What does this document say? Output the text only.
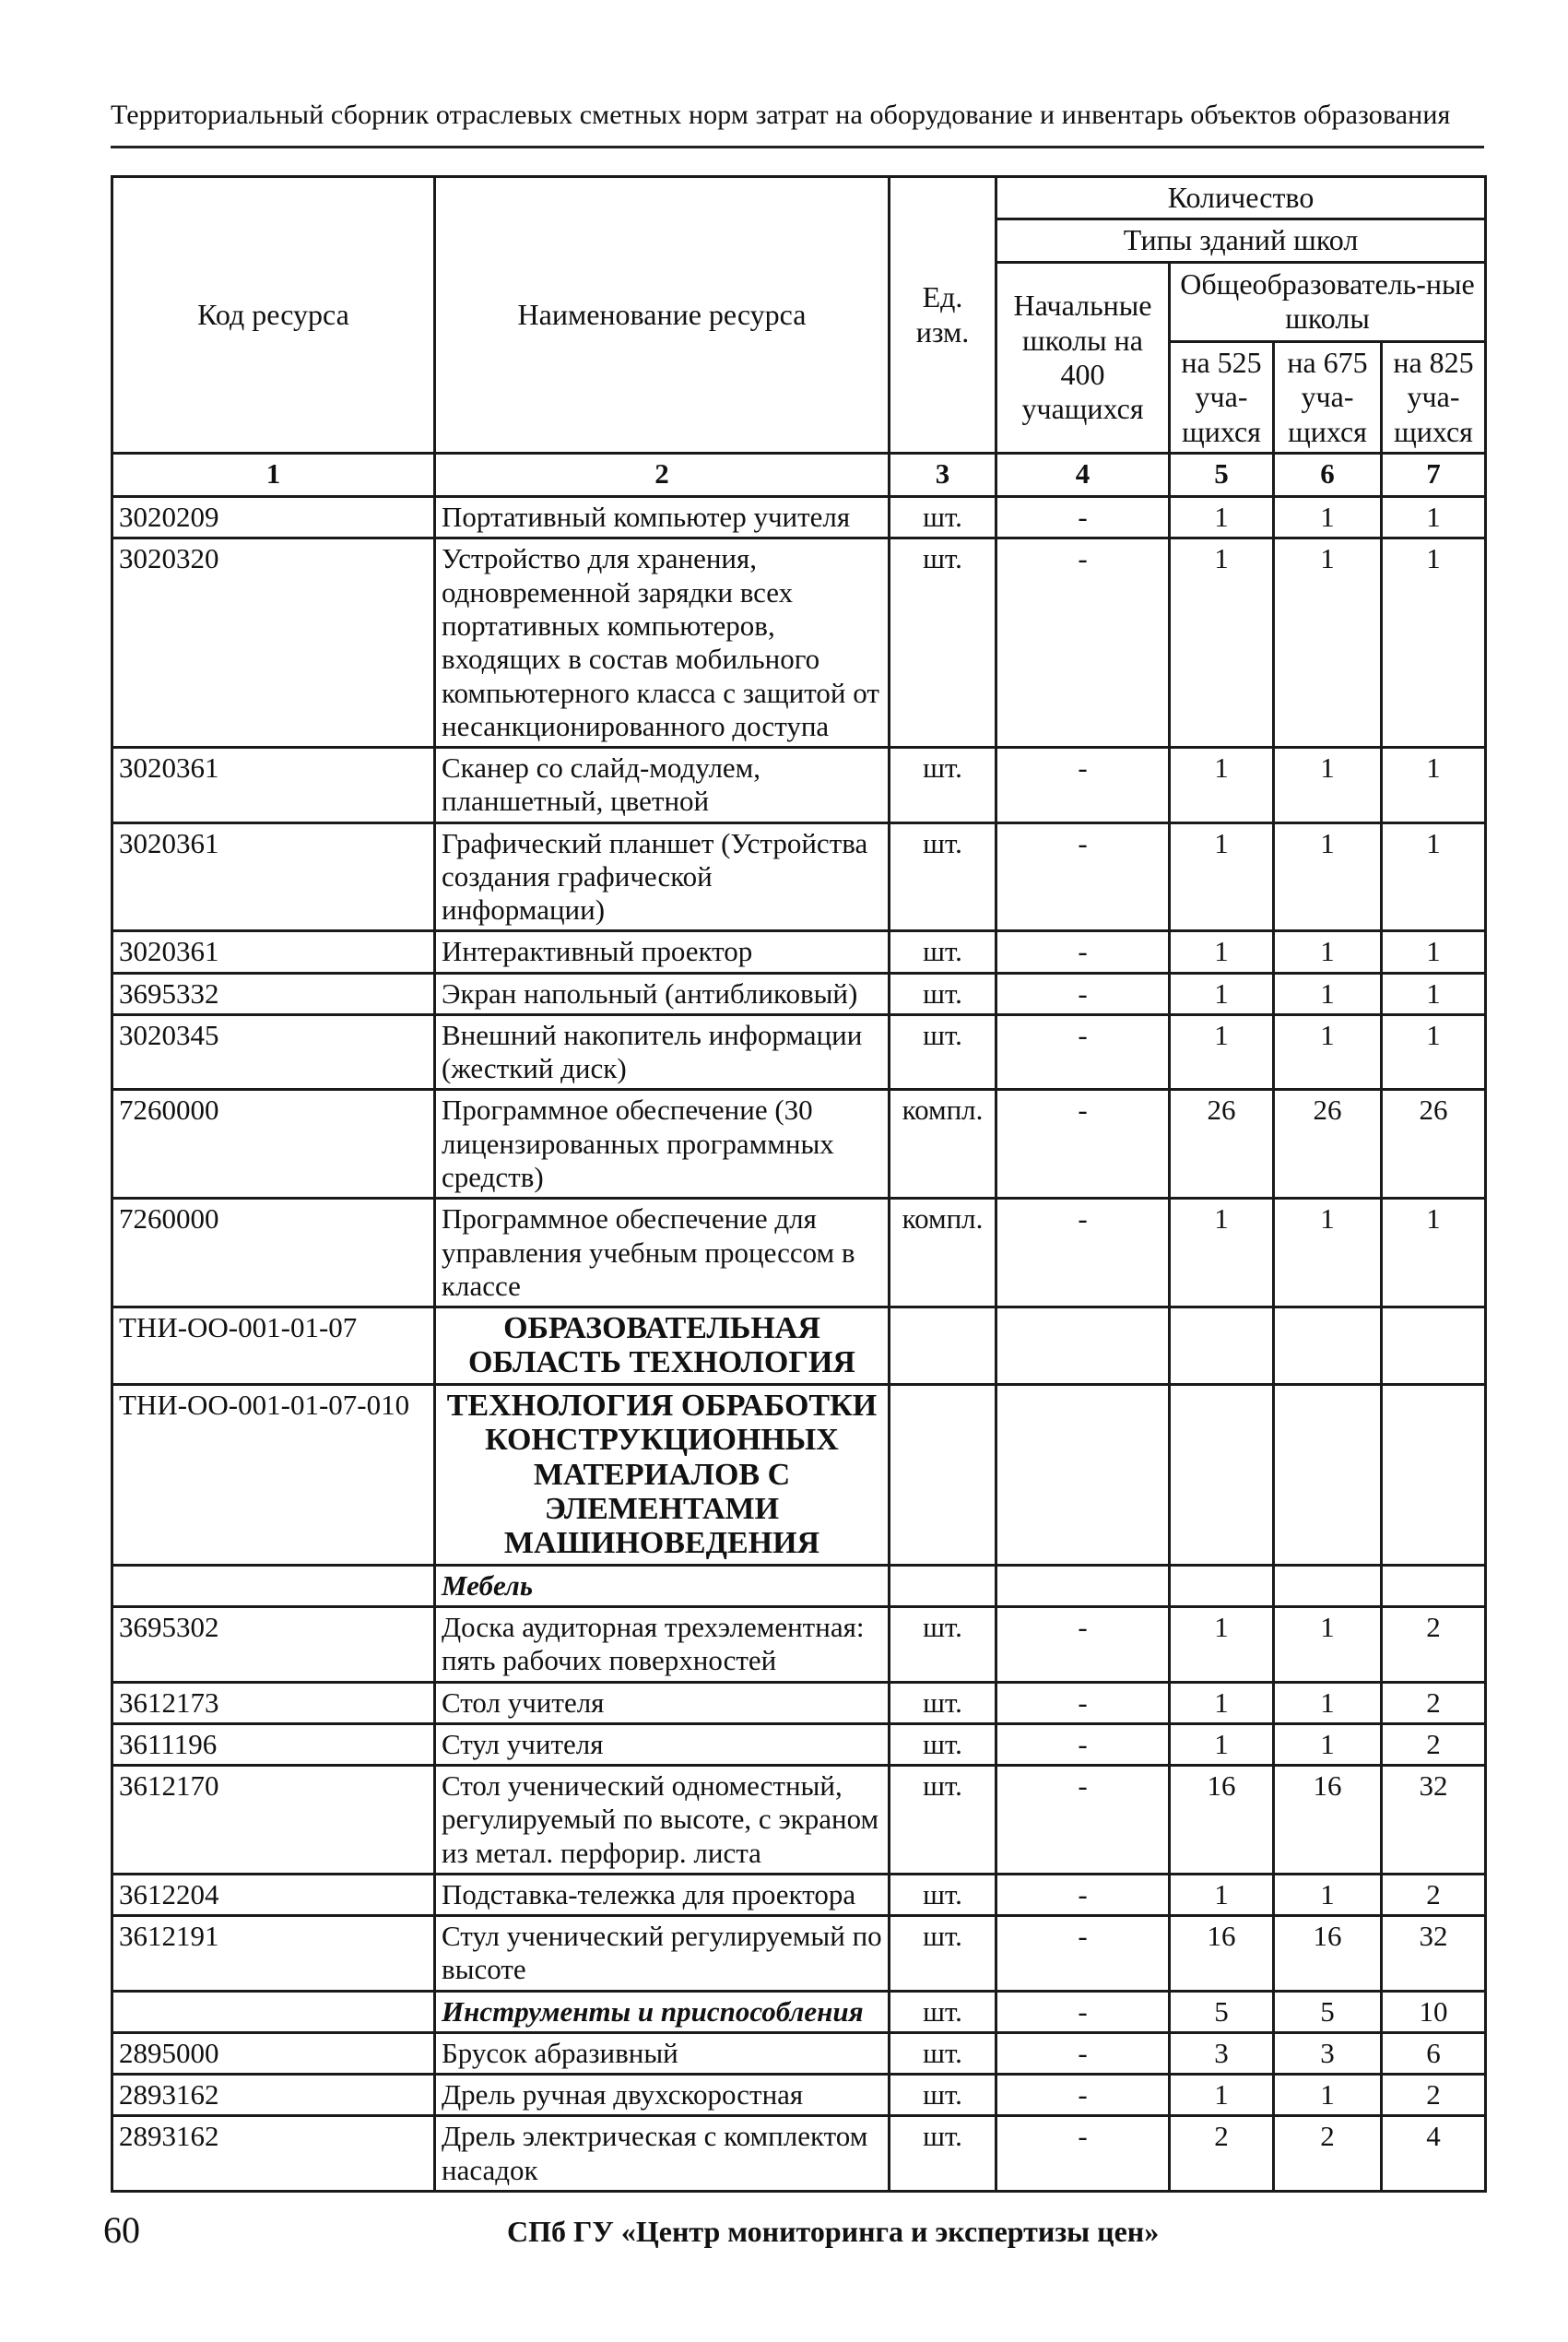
Территориальный сборник отраслевых сметных норм затрат на оборудование и инвентарь объектов образования
Код ресурса	Наименование ресурса	Ед. изм.	Количество			
			Типы зданий школ			
			Начальные школы на 400 учащихся	Общеобразователь-ные школы		
				на 525 уча-щихся	на 675 уча-щихся	на 825 уча-щихся
1	2	3	4	5	6	7
3020209	Портативный компьютер учителя	шт.	-	1	1	1
3020320	Устройство для хранения, одновременной зарядки всех портативных компьютеров, входящих в состав мобильного компьютерного класса с защитой от несанкционированного доступа	шт.	-	1	1	1
3020361	Сканер со слайд-модулем, планшетный, цветной	шт.	-	1	1	1
3020361	Графический планшет (Устройства создания графической информации)	шт.	-	1	1	1
3020361	Интерактивный проектор	шт.	-	1	1	1
3695332	Экран напольный (антибликовый)	шт.	-	1	1	1
3020345	Внешний накопитель информации (жесткий диск)	шт.	-	1	1	1
7260000	Программное обеспечение (30 лицензированных программных средств)	компл.	-	26	26	26
7260000	Программное обеспечение для управления учебным процессом в классе	компл.	-	1	1	1
ТНИ-ОО-001-01-07	ОБРАЗОВАТЕЛЬНАЯ ОБЛАСТЬ ТЕХНОЛОГИЯ					
ТНИ-ОО-001-01-07-010	ТЕХНОЛОГИЯ ОБРАБОТКИ КОНСТРУКЦИОННЫХ МАТЕРИАЛОВ С ЭЛЕМЕНТАМИ МАШИНОВЕДЕНИЯ					
	Мебель					
3695302	Доска аудиторная трехэлементная: пять рабочих поверхностей	шт.	-	1	1	2
3612173	Стол учителя	шт.	-	1	1	2
3611196	Стул учителя	шт.	-	1	1	2
3612170	Стол ученический одноместный, регулируемый по высоте, с экраном из метал. перфорир. листа	шт.	-	16	16	32
3612204	Подставка-тележка для проектора	шт.	-	1	1	2
3612191	Стул ученический регулируемый по высоте	шт.	-	16	16	32
	Инструменты и приспособления	шт.	-	5	5	10
2895000	Брусок абразивный	шт.	-	3	3	6
2893162	Дрель ручная двухскоростная	шт.	-	1	1	2
2893162	Дрель электрическая с комплектом насадок	шт.	-	2	2	4
60	СПб ГУ «Центр мониторинга и экспертизы цен»
